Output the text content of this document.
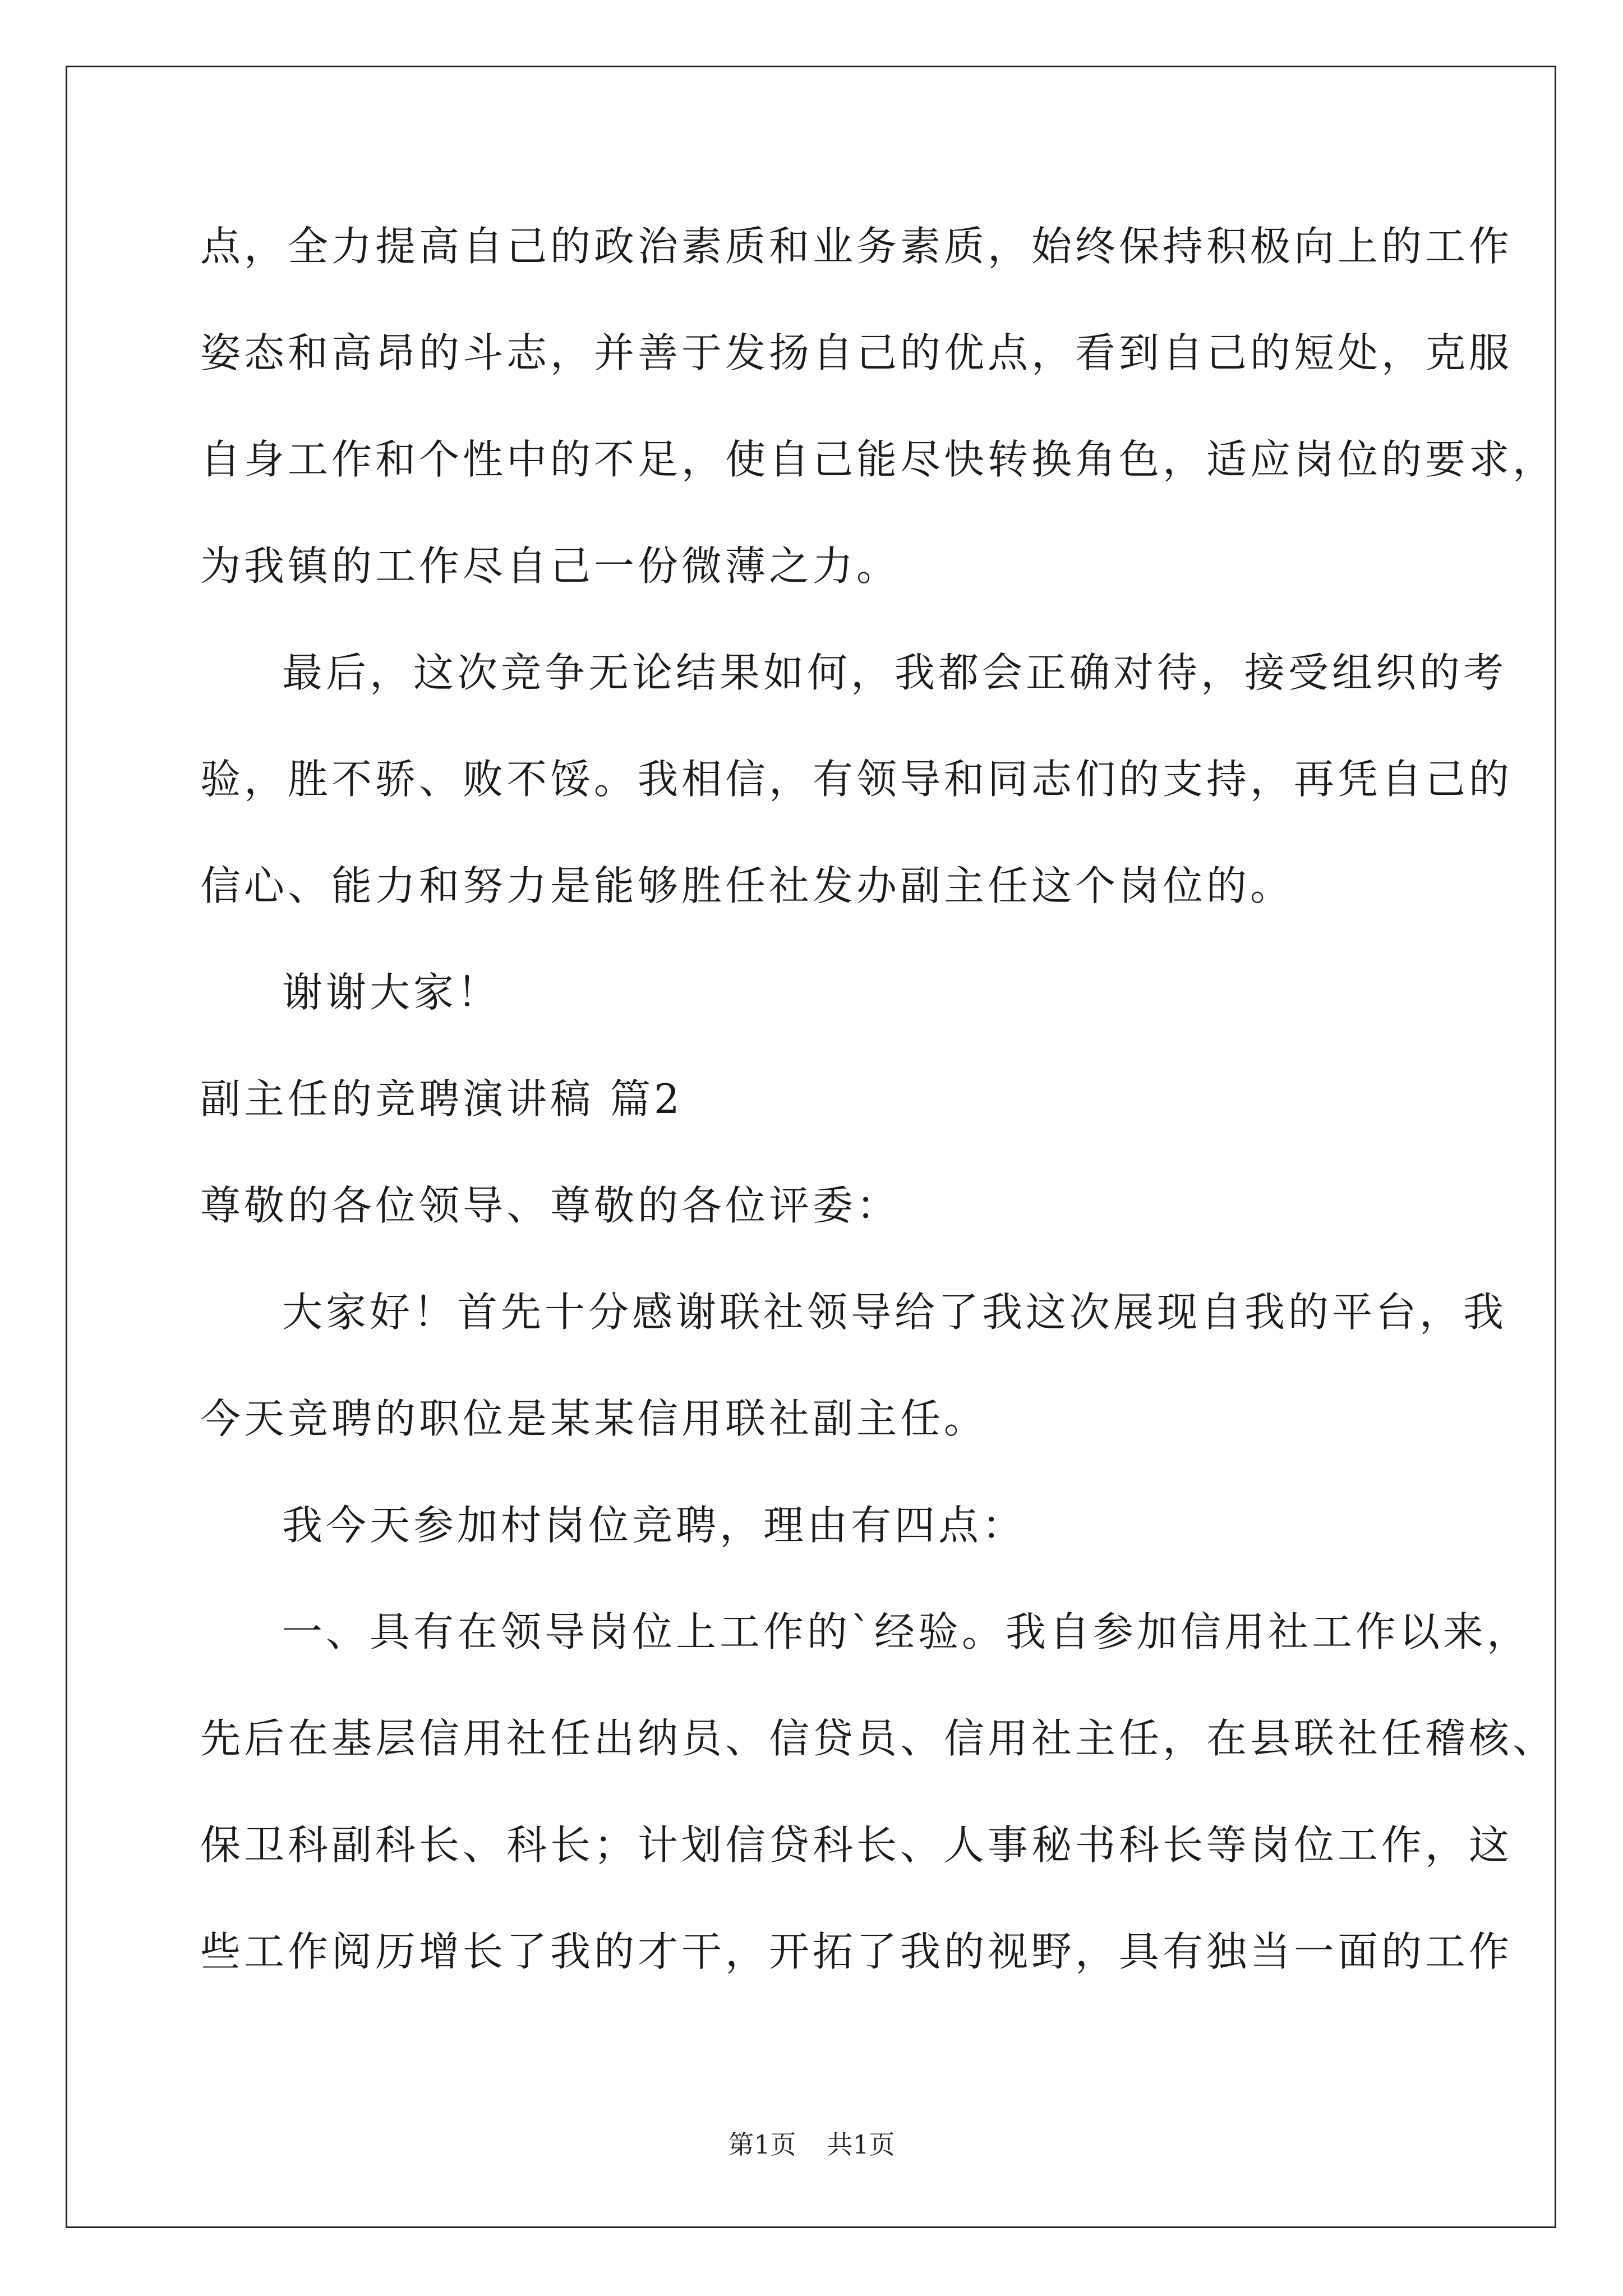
点，全力提高自己的政治素质和业务素质，始终保持积极向上的工作
姿态和高昂的斗志，并善于发扬自己的优点，看到自己的短处，克服
自身工作和个性中的不足，使自己能尽快转换角色，适应岗位的要求，
为我镇的工作尽自己一份微薄之力。
最后，这次竞争无论结果如何，我都会正确对待，接受组织的考
验，胜不骄、败不馁。我相信，有领导和同志们的支持，再凭自己的
信心、能力和努力是能够胜任社发办副主任这个岗位的。
谢谢大家！
副主任的竞聘演讲稿 篇2
尊敬的各位领导、尊敬的各位评委：
大家好！首先十分感谢联社领导给了我这次展现自我的平台，我
今天竞聘的职位是某某信用联社副主任。
我今天参加村岗位竞聘，理由有四点：
一、具有在领导岗位上工作的`经验。我自参加信用社工作以来，
先后在基层信用社任出纳员、信贷员、信用社主任，在县联社任稽核、
保卫科副科长、科长；计划信贷科长、人事秘书科长等岗位工作，这
些工作阅历增长了我的才干，开拓了我的视野，具有独当一面的工作
第1页 共1页
